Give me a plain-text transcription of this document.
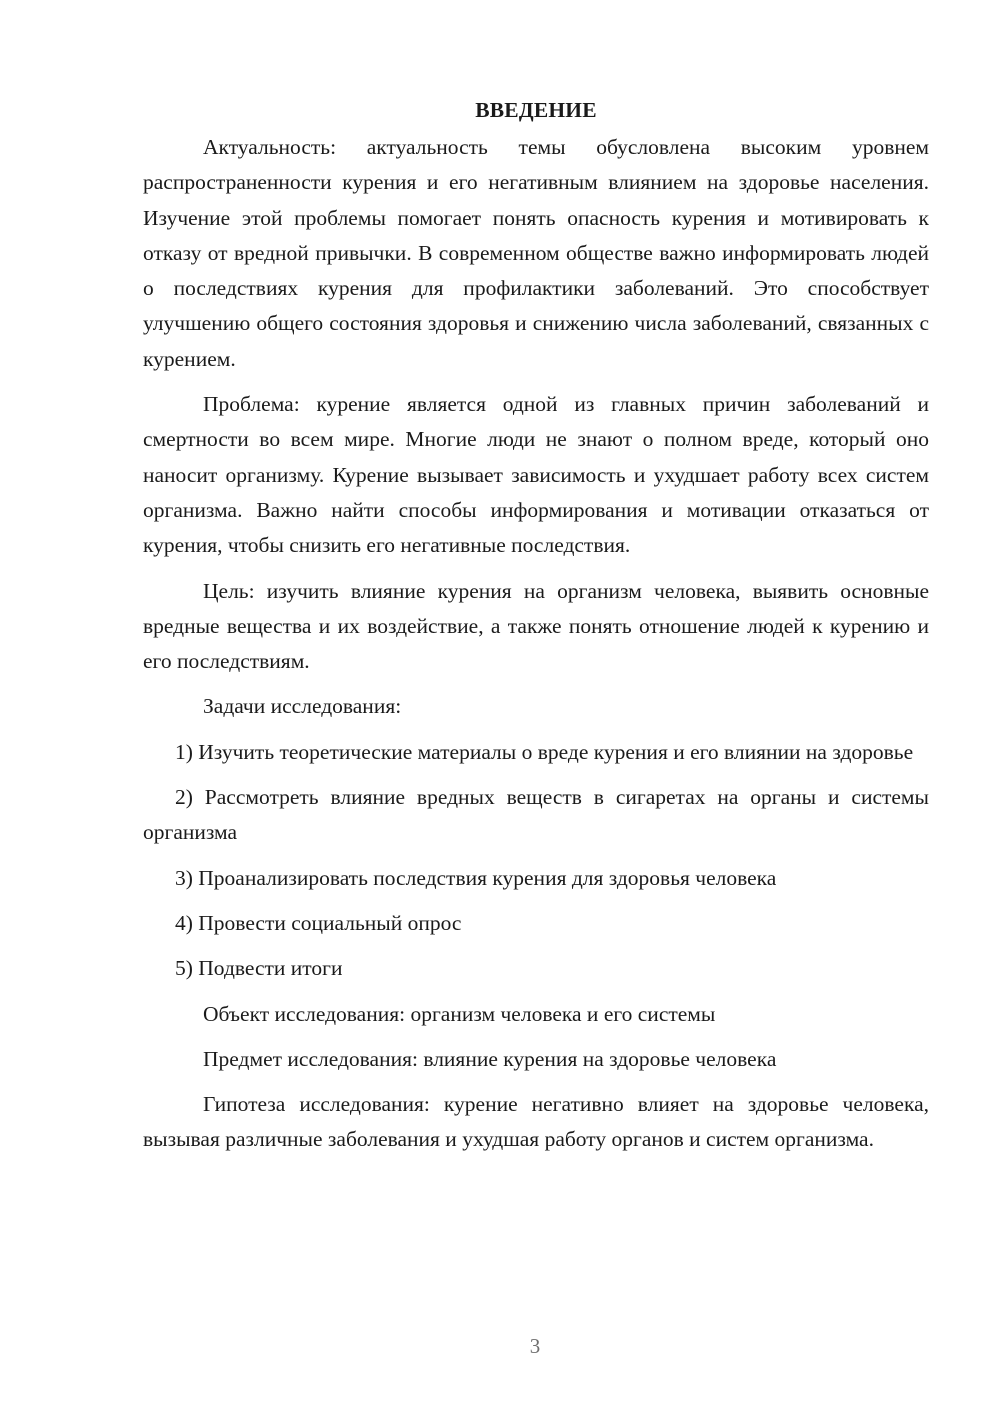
ВВЕДЕНИЕ

Актуальность: актуальность темы обусловлена высоким уровнем распространенности курения и его негативным влиянием на здоровье населения. Изучение этой проблемы помогает понять опасность курения и мотивировать к отказу от вредной привычки. В современном обществе важно информировать людей о последствиях курения для профилактики заболеваний. Это способствует улучшению общего состояния здоровья и снижению числа заболеваний, связанных с курением.

Проблема: курение является одной из главных причин заболеваний и смертности во всем мире. Многие люди не знают о полном вреде, который оно наносит организму. Курение вызывает зависимость и ухудшает работу всех систем организма. Важно найти способы информирования и мотивации отказаться от курения, чтобы снизить его негативные последствия.

Цель: изучить влияние курения на организм человека, выявить основные вредные вещества и их воздействие, а также понять отношение людей к курению и его последствиям.

Задачи исследования:

1) Изучить теоретические материалы о вреде курения и его влиянии на здоровье

2) Рассмотреть влияние вредных веществ в сигаретах на органы и системы организма

3) Проанализировать последствия курения для здоровья человека

4) Провести социальный опрос

5) Подвести итоги

Объект исследования: организм человека и его системы

Предмет исследования: влияние курения на здоровье человека

Гипотеза исследования: курение негативно влияет на здоровье человека, вызывая различные заболевания и ухудшая работу органов и систем организма.

3
